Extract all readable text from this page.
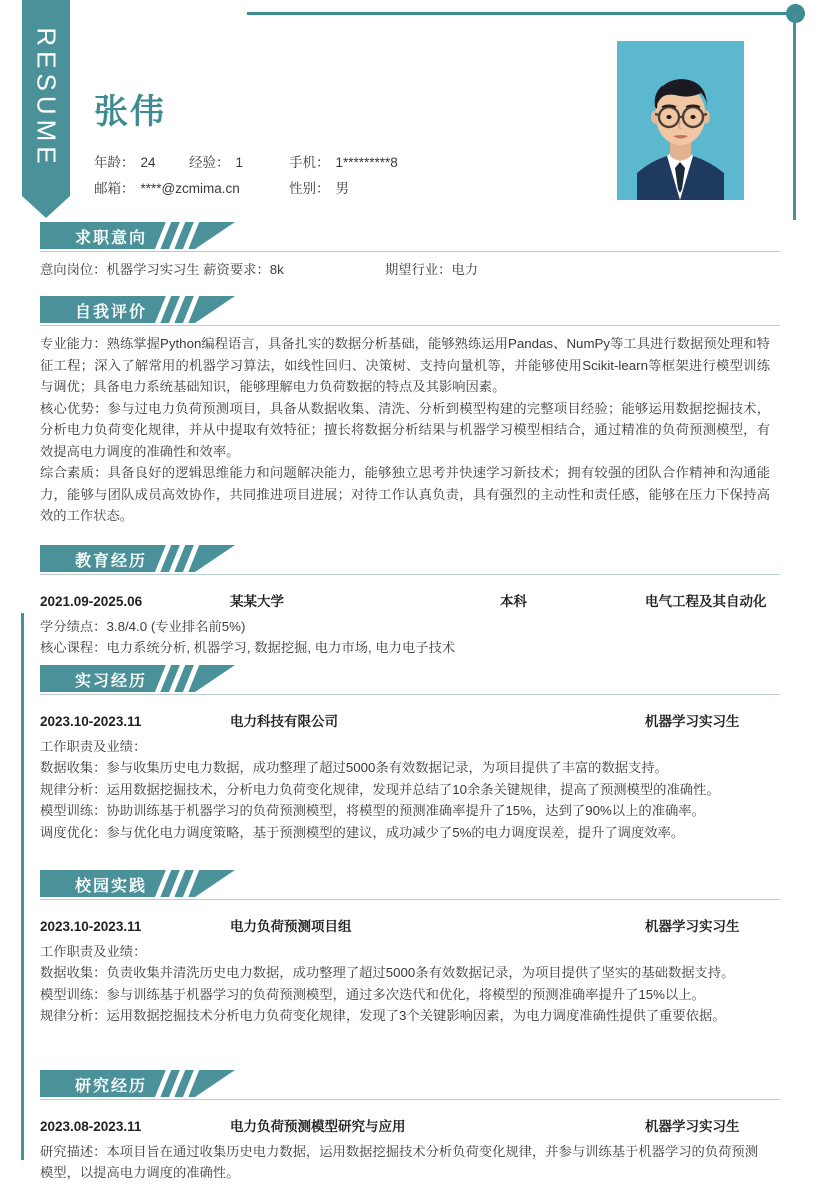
RESUME 张伟
年龄： 24 经验： 1	手机： 1*********8
邮箱： ****@zcmima.cn	性别： 男
求职意向
意向岗位：机器学习实习生 薪资要求：8k	期望行业：电力
自我评价
专业能力：熟练掌握Python编程语言，具备扎实的数据分析基础，能够熟练运用Pandas、NumPy等工具进行数据预处理和特征工程；深入了解常用的机器学习算法，如线性回归、决策树、支持向量机等，并能够使用Scikit-learn等框架进行模型训练与调优；具备电力系统基础知识，能够理解电力负荷数据的特点及其影响因素。
核心优势：参与过电力负荷预测项目，具备从数据收集、清洗、分析到模型构建的完整项目经验；能够运用数据挖掘技术，分析电力负荷变化规律，并从中提取有效特征；擅长将数据分析结果与机器学习模型相结合，通过精准的负荷预测模型，有效提高电力调度的准确性和效率。
综合素质：具备良好的逻辑思维能力和问题解决能力，能够独立思考并快速学习新技术；拥有较强的团队合作精神和沟通能力，能够与团队成员高效协作，共同推进项目进展；对待工作认真负责，具有强烈的主动性和责任感，能够在压力下保持高效的工作状态。
教育经历
2021.09-2025.06	某某大学	本科	电气工程及其自动化
学分绩点：3.8/4.0 (专业排名前5%)
核心课程：电力系统分析, 机器学习, 数据挖掘, 电力市场, 电力电子技术
实习经历
2023.10-2023.11	电力科技有限公司	机器学习实习生
工作职责及业绩：
数据收集：参与收集历史电力数据，成功整理了超过5000条有效数据记录，为项目提供了丰富的数据支持。
规律分析：运用数据挖掘技术，分析电力负荷变化规律，发现并总结了10余条关键规律，提高了预测模型的准确性。
模型训练：协助训练基于机器学习的负荷预测模型，将模型的预测准确率提升了15%，达到了90%以上的准确率。
调度优化：参与优化电力调度策略，基于预测模型的建议，成功减少了5%的电力调度误差，提升了调度效率。
校园实践
2023.10-2023.11	电力负荷预测项目组	机器学习实习生
工作职责及业绩：
数据收集：负责收集并清洗历史电力数据，成功整理了超过5000条有效数据记录，为项目提供了坚实的基础数据支持。
模型训练：参与训练基于机器学习的负荷预测模型，通过多次迭代和优化，将模型的预测准确率提升了15%以上。
规律分析：运用数据挖掘技术分析电力负荷变化规律，发现了3个关键影响因素，为电力调度准确性提供了重要依据。
研究经历
2023.08-2023.11	电力负荷预测模型研究与应用	机器学习实习生
研究描述：本项目旨在通过收集历史电力数据，运用数据挖掘技术分析负荷变化规律，并参与训练基于机器学习的负荷预测模型，以提高电力调度的准确性。
